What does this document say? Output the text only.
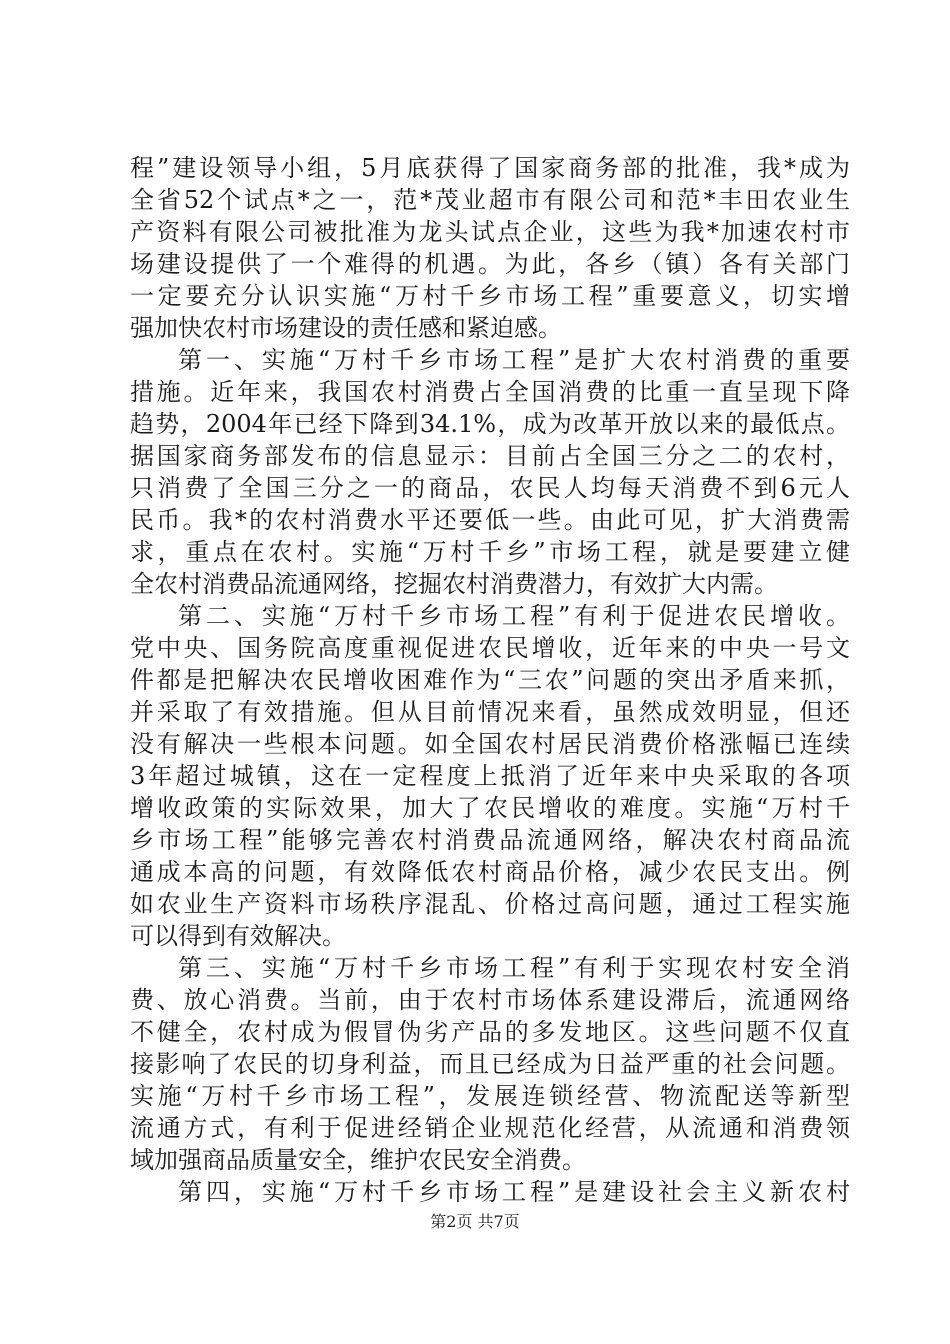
程”建设领导小组，5月底获得了国家商务部的批准，我*成为
全省52个试点*之一，范*茂业超市有限公司和范*丰田农业生
产资料有限公司被批准为龙头试点企业，这些为我*加速农村市
场建设提供了一个难得的机遇。为此，各乡（镇）各有关部门
一定要充分认识实施“万村千乡市场工程”重要意义，切实增
强加快农村市场建设的责任感和紧迫感。
第一、实施“万村千乡市场工程”是扩大农村消费的重要
措施。近年来，我国农村消费占全国消费的比重一直呈现下降
趋势，2004年已经下降到34.1%，成为改革开放以来的最低点。
据国家商务部发布的信息显示：目前占全国三分之二的农村，
只消费了全国三分之一的商品，农民人均每天消费不到6元人
民币。我*的农村消费水平还要低一些。由此可见，扩大消费需
求，重点在农村。实施“万村千乡”市场工程，就是要建立健
全农村消费品流通网络，挖掘农村消费潜力，有效扩大内需。
第二、实施“万村千乡市场工程”有利于促进农民增收。
党中央、国务院高度重视促进农民增收，近年来的中央一号文
件都是把解决农民增收困难作为“三农”问题的突出矛盾来抓，
并采取了有效措施。但从目前情况来看，虽然成效明显，但还
没有解决一些根本问题。如全国农村居民消费价格涨幅已连续
3年超过城镇，这在一定程度上抵消了近年来中央采取的各项
增收政策的实际效果，加大了农民增收的难度。实施“万村千
乡市场工程”能够完善农村消费品流通网络，解决农村商品流
通成本高的问题，有效降低农村商品价格，减少农民支出。例
如农业生产资料市场秩序混乱、价格过高问题，通过工程实施
可以得到有效解决。
第三、实施“万村千乡市场工程”有利于实现农村安全消
费、放心消费。当前，由于农村市场体系建设滞后，流通网络
不健全，农村成为假冒伪劣产品的多发地区。这些问题不仅直
接影响了农民的切身利益，而且已经成为日益严重的社会问题。
实施“万村千乡市场工程”，发展连锁经营、物流配送等新型
流通方式，有利于促进经销企业规范化经营，从流通和消费领
域加强商品质量安全，维护农民安全消费。
第四，实施“万村千乡市场工程”是建设社会主义新农村
第2页 共7页
